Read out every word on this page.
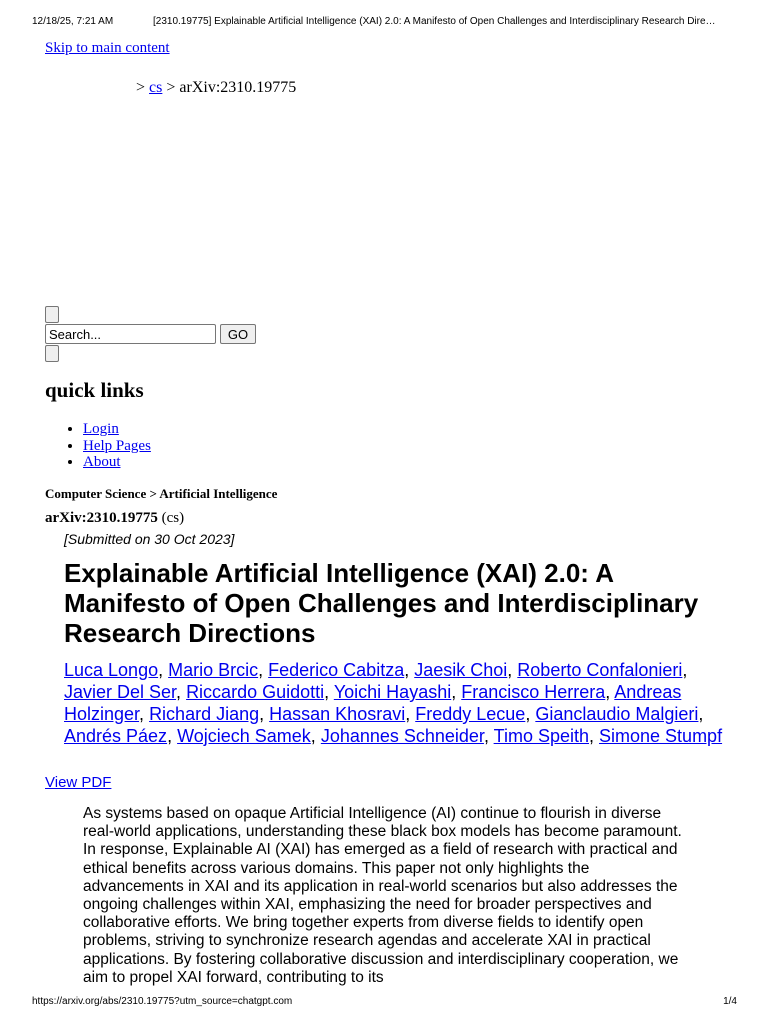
12/18/25, 7:21 AM	[2310.19775] Explainable Artificial Intelligence (XAI) 2.0: A Manifesto of Open Challenges and Interdisciplinary Research Dire…
Skip to main content
> cs > arXiv:2310.19775
Search...
GO
quick links
• Login
• Help Pages
• About
Computer Science > Artificial Intelligence
arXiv:2310.19775 (cs)
[Submitted on 30 Oct 2023]
Explainable Artificial Intelligence (XAI) 2.0: A Manifesto of Open Challenges and Interdisciplinary Research Directions
Luca Longo, Mario Brcic, Federico Cabitza, Jaesik Choi, Roberto Confalonieri, Javier Del Ser, Riccardo Guidotti, Yoichi Hayashi, Francisco Herrera, Andreas Holzinger, Richard Jiang, Hassan Khosravi, Freddy Lecue, Gianclaudio Malgieri, Andrés Páez, Wojciech Samek, Johannes Schneider, Timo Speith, Simone Stumpf
View PDF

As systems based on opaque Artificial Intelligence (AI) continue to flourish in diverse real-world applications, understanding these black box models has become paramount. In response, Explainable AI (XAI) has emerged as a field of research with practical and ethical benefits across various domains. This paper not only highlights the advancements in XAI and its application in real-world scenarios but also addresses the ongoing challenges within XAI, emphasizing the need for broader perspectives and collaborative efforts. We bring together experts from diverse fields to identify open problems, striving to synchronize research agendas and accelerate XAI in practical applications. By fostering collaborative discussion and interdisciplinary cooperation, we aim to propel XAI forward, contributing to its

https://arxiv.org/abs/2310.19775?utm_source=chatgpt.com	1/4
